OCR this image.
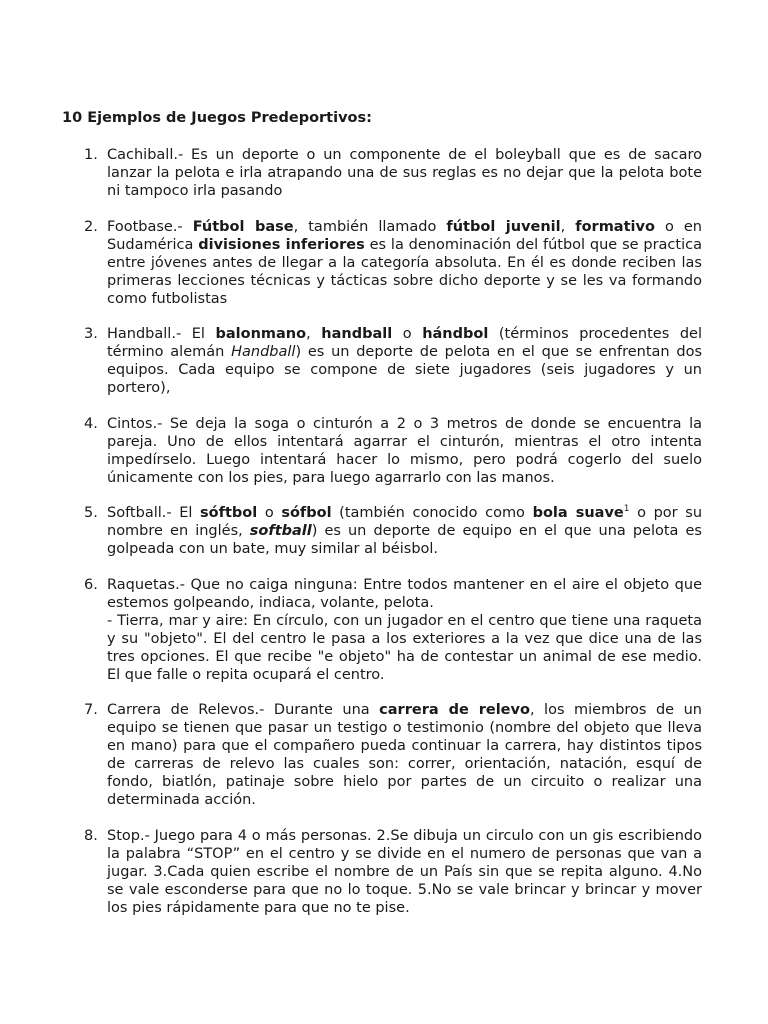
10 Ejemplos de Juegos Predeportivos:
1. Cachiball.- Es un deporte o un componente de el boleyball que es de sacaro lanzar la pelota e irla atrapando una de sus reglas es no dejar que la pelota bote ni tampoco irla pasando
2. Footbase.- Fútbol base, también llamado fútbol juvenil, formativo o en Sudamérica divisiones inferiores es la denominación del fútbol que se practica entre jóvenes antes de llegar a la categoría absoluta. En él es donde reciben las primeras lecciones técnicas y tácticas sobre dicho deporte y se les va formando como futbolistas
3. Handball.- El balonmano, handball o hándbol (términos procedentes del término alemán Handball) es un deporte de pelota en el que se enfrentan dos equipos. Cada equipo se compone de siete jugadores (seis jugadores y un portero),
4. Cintos.- Se deja la soga o cinturón a 2 o 3 metros de donde se encuentra la pareja. Uno de ellos intentará agarrar el cinturón, mientras el otro intenta impedírselo. Luego intentará hacer lo mismo, pero podrá cogerlo del suelo únicamente con los pies, para luego agarrarlo con las manos.
5. Softball.- El sóftbol o sófbol (también conocido como bola suave$^1$ o por su nombre en inglés, softball) es un deporte de equipo en el que una pelota es golpeada con un bate, muy similar al béisbol.
6. Raquetas.- Que no caiga ninguna: Entre todos mantener en el aire el objeto que estemos golpeando, indiaca, volante, pelota.
- Tierra, mar y aire: En círculo, con un jugador en el centro que tiene una raqueta y su "objeto". El del centro le pasa a los exteriores a la vez que dice una de las tres opciones. El que recibe "e objeto" ha de contestar un animal de ese medio. El que falle o repita ocupará el centro.
7. Carrera de Relevos.- Durante una carrera de relevo, los miembros de un equipo se tienen que pasar un testigo o testimonio (nombre del objeto que lleva en mano) para que el compañero pueda continuar la carrera, hay distintos tipos de carreras de relevo las cuales son: correr, orientación, natación, esquí de fondo, biatlón, patinaje sobre hielo por partes de un circuito o realizar una determinada acción.
8. Stop.- Juego para 4 o más personas. 2.Se dibuja un circulo con un gis escribiendo la palabra “STOP” en el centro y se divide en el numero de personas que van a jugar. 3.Cada quien escribe el nombre de un País sin que se repita alguno. 4.No se vale esconderse para que no lo toque. 5.No se vale brincar y brincar y mover los pies rápidamente para que no te pise.
